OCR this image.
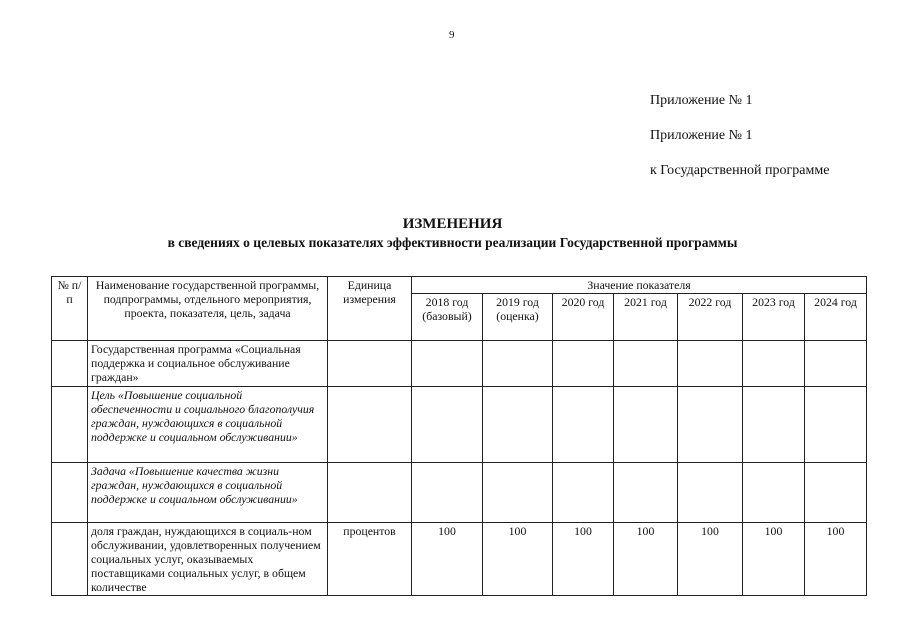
9
Приложение № 1
Приложение № 1
к Государственной программе
ИЗМЕНЕНИЯ
в сведениях о целевых показателях эффективности реализации Государственной программы
№ п/п	Наименование государственной программы, подпрограммы, отдельного мероприятия, проекта, показателя, цель, задача	Единица измерения	Значение показателя						
			2018 год (базовый)	2019 год (оценка)	2020 год	2021 год	2022 год	2023 год	2024 год
	Государственная программа «Социальная поддержка и социальное обслуживание граждан»								
	Цель «Повышение социальной обеспеченности и социального благополучия граждан, нуждающихся в социальной поддержке и социальном обслуживании»								
	Задача «Повышение качества жизни граждан, нуждающихся в социальной поддержке и социальном обслуживании»								
	доля граждан, нуждающихся в социаль-ном обслуживании, удовлетворенных получением социальных услуг, оказываемых поставщиками социальных услуг, в общем количестве	процентов	100	100	100	100	100	100	100
